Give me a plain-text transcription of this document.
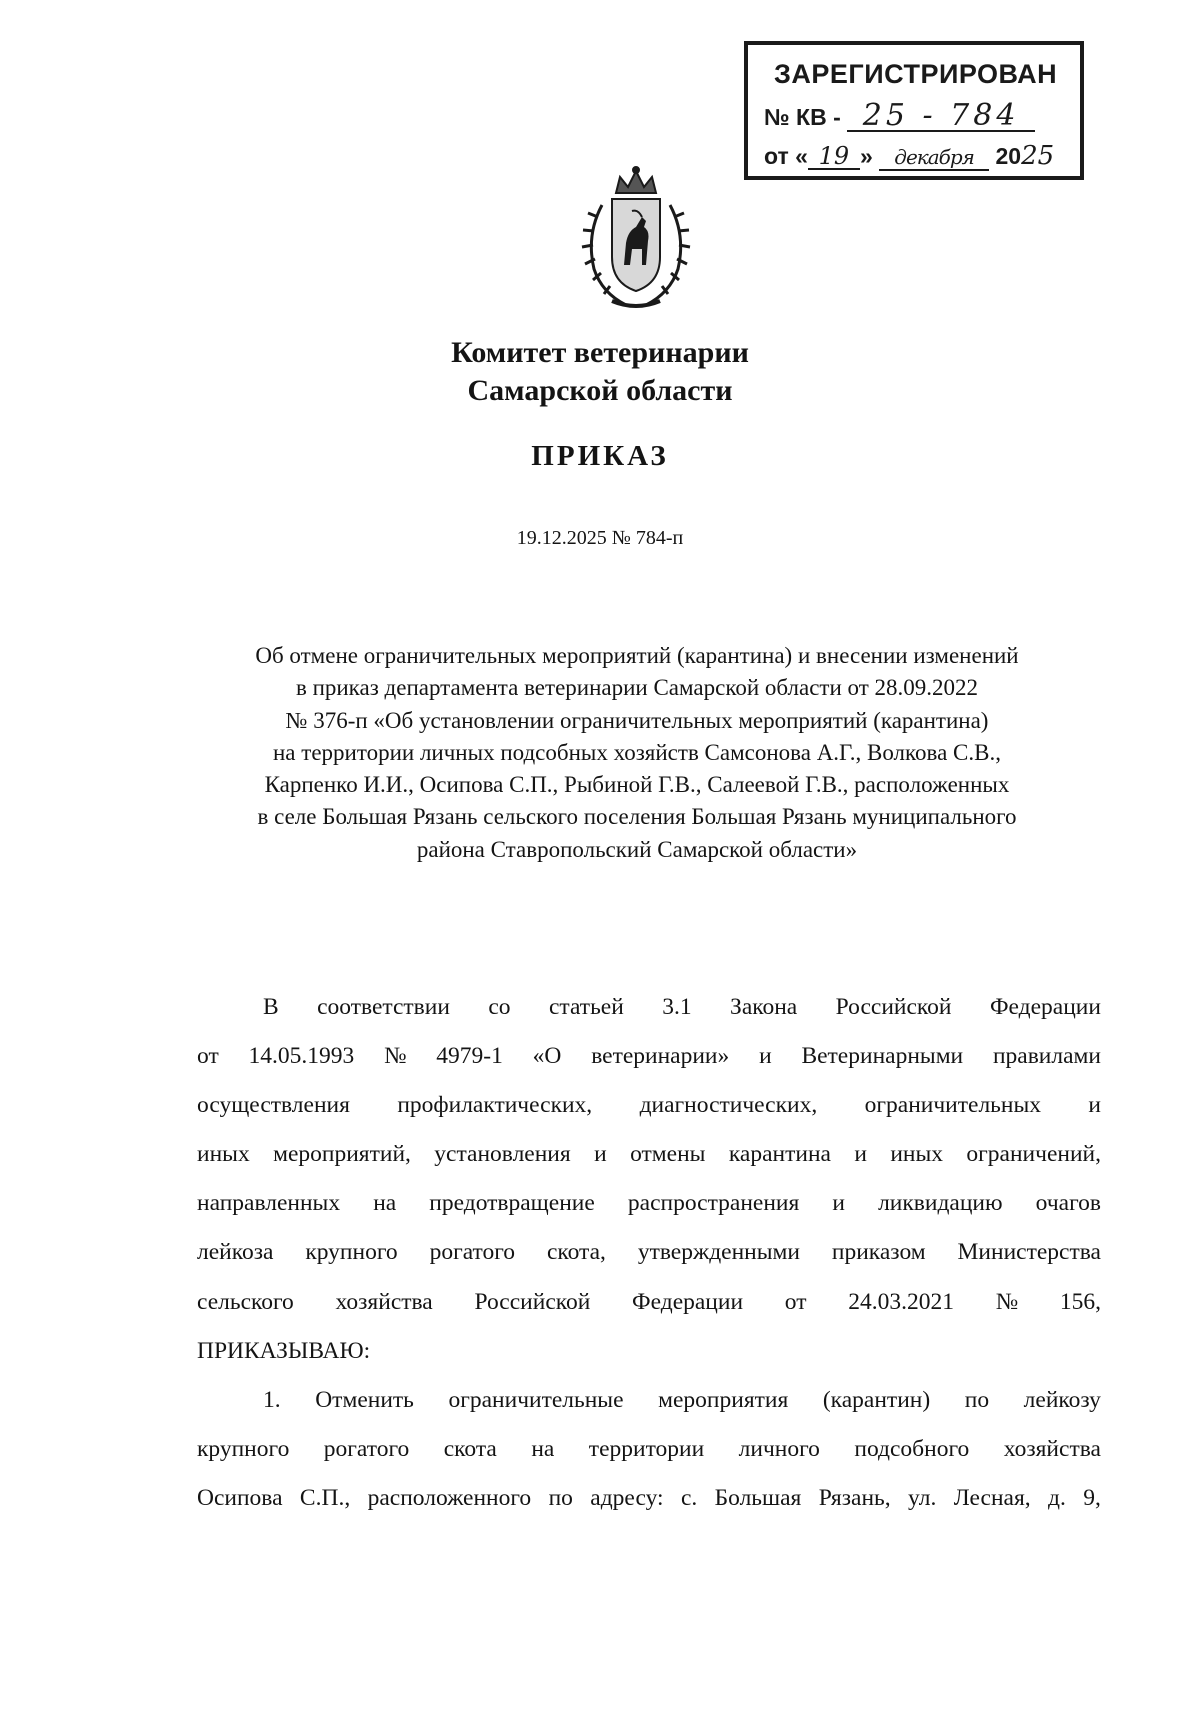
ЗАРЕГИСТРИРОВАН
№ КВ - 25 - 784
от « 19 » декабря 2025
Комитет ветеринарии
Самарской области
ПРИКАЗ
19.12.2025 № 784-п
Об отмене ограничительных мероприятий (карантина) и внесении изменений
в приказ департамента ветеринарии Самарской области от 28.09.2022
№ 376-п «Об установлении ограничительных мероприятий (карантина)
на территории личных подсобных хозяйств Самсонова А.Г., Волкова С.В.,
Карпенко И.И., Осипова С.П., Рыбиной Г.В., Салеевой Г.В., расположенных
в селе Большая Рязань сельского поселения Большая Рязань муниципального
района Ставропольский Самарской области»
В соответствии со статьей 3.1 Закона Российской Федерации
от 14.05.1993 № 4979-1 «О ветеринарии» и Ветеринарными правилами
осуществления профилактических, диагностических, ограничительных и
иных мероприятий, установления и отмены карантина и иных ограничений,
направленных на предотвращение распространения и ликвидацию очагов
лейкоза крупного рогатого скота, утвержденными приказом Министерства
сельского хозяйства Российской Федерации от 24.03.2021 № 156,
ПРИКАЗЫВАЮ:
1. Отменить ограничительные мероприятия (карантин) по лейкозу
крупного рогатого скота на территории личного подсобного хозяйства
Осипова С.П., расположенного по адресу: с. Большая Рязань, ул. Лесная, д. 9,
